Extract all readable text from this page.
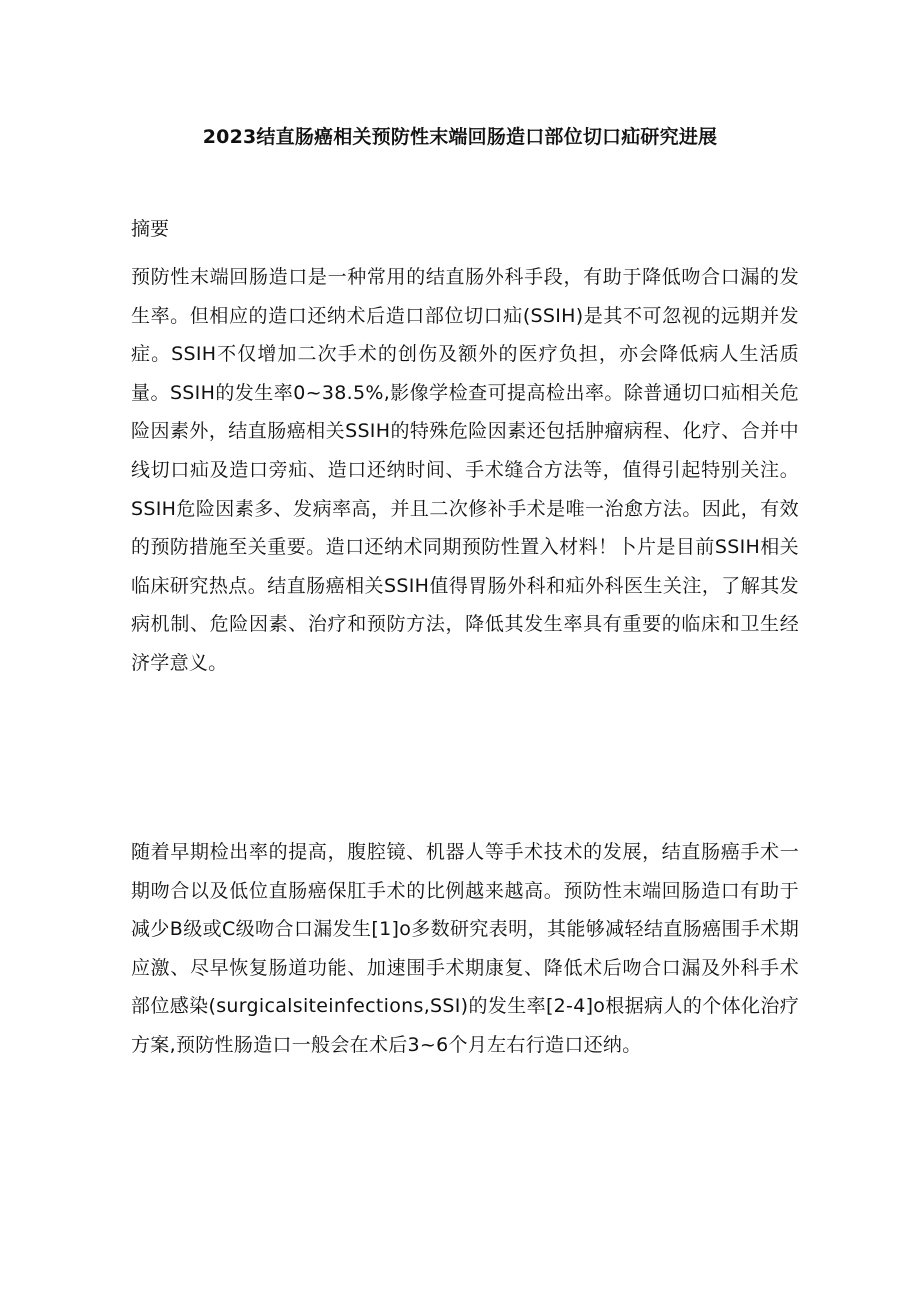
2023结直肠癌相关预防性末端回肠造口部位切口疝研究进展
摘要

预防性末端回肠造口是一种常用的结直肠外科手段，有助于降低吻合口漏的发生率。但相应的造口还纳术后造口部位切口疝(SSIH)是其不可忽视的远期并发症。SSIH不仅增加二次手术的创伤及额外的医疗负担，亦会降低病人生活质量。SSIH的发生率0~38.5%,影像学检查可提高检出率。除普通切口疝相关危险因素外，结直肠癌相关SSIH的特殊危险因素还包括肿瘤病程、化疗、合并中线切口疝及造口旁疝、造口还纳时间、手术缝合方法等，值得引起特别关注。SSIH危险因素多、发病率高，并且二次修补手术是唯一治愈方法。因此，有效的预防措施至关重要。造口还纳术同期预防性置入材料！卜片是目前SSIH相关临床研究热点。结直肠癌相关SSIH值得胃肠外科和疝外科医生关注，了解其发病机制、危险因素、治疗和预防方法，降低其发生率具有重要的临床和卫生经济学意义。

随着早期检出率的提高，腹腔镜、机器人等手术技术的发展，结直肠癌手术一期吻合以及低位直肠癌保肛手术的比例越来越高。预防性末端回肠造口有助于减少B级或C级吻合口漏发生[1]o多数研究表明，其能够减轻结直肠癌围手术期应激、尽早恢复肠道功能、加速围手术期康复、降低术后吻合口漏及外科手术部位感染(surgicalsiteinfections,SSI)的发生率[2-4]o根据病人的个体化治疗方案,预防性肠造口一般会在术后3~6个月左右行造口还纳。
